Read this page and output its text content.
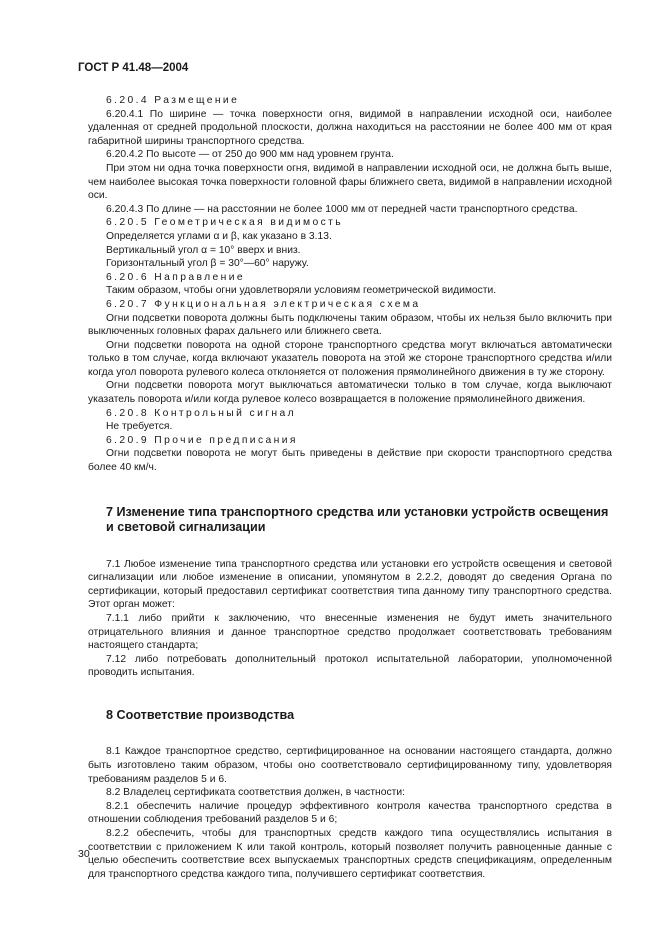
ГОСТ Р 41.48—2004

6.20.4 Размещение

6.20.4.1 По ширине — точка поверхности огня, видимой в направлении исходной оси, наиболее удаленная от средней продольной плоскости, должна находиться на расстоянии не более 400 мм от края габаритной ширины транспортного средства.

6.20.4.2 По высоте — от 250 до 900 мм над уровнем грунта.

При этом ни одна точка поверхности огня, видимой в направлении исходной оси, не должна быть выше, чем наиболее высокая точка поверхности головной фары ближнего света, видимой в направлении исходной оси.

6.20.4.3 По длине — на расстоянии не более 1000 мм от передней части транспортного средства.

6.20.5 Геометрическая видимость

Определяется углами α и β, как указано в 3.13.

Вертикальный угол α = 10° вверх и вниз.

Горизонтальный угол β = 30°—60° наружу.

6.20.6 Направление

Таким образом, чтобы огни удовлетворяли условиям геометрической видимости.

6.20.7 Функциональная электрическая схема

Огни подсветки поворота должны быть подключены таким образом, чтобы их нельзя было включить при выключенных головных фарах дальнего или ближнего света.

Огни подсветки поворота на одной стороне транспортного средства могут включаться автоматически только в том случае, когда включают указатель поворота на этой же стороне транспортного средства и/или когда угол поворота рулевого колеса отклоняется от положения прямолинейного движения в ту же сторону.

Огни подсветки поворота могут выключаться автоматически только в том случае, когда выключают указатель поворота и/или когда рулевое колесо возвращается в положение прямолинейного движения.

6.20.8 Контрольный сигнал

Не требуется.

6.20.9 Прочие предписания

Огни подсветки поворота не могут быть приведены в действие при скорости транспортного средства более 40 км/ч.

7 Изменение типа транспортного средства или установки устройств освещения и световой сигнализации

7.1 Любое изменение типа транспортного средства или установки его устройств освещения и световой сигнализации или любое изменение в описании, упомянутом в 2.2.2, доводят до сведения Органа по сертификации, который предоставил сертификат соответствия типа данному типу транспортного средства. Этот орган может:

7.1.1 либо прийти к заключению, что внесенные изменения не будут иметь значительного отрицательного влияния и данное транспортное средство продолжает соответствовать требованиям настоящего стандарта;

7.12 либо потребовать дополнительный протокол испытательной лаборатории, уполномоченной проводить испытания.

8 Соответствие производства

8.1 Каждое транспортное средство, сертифицированное на основании настоящего стандарта, должно быть изготовлено таким образом, чтобы оно соответствовало сертифицированному типу, удовлетворяя требованиям разделов 5 и 6.

8.2 Владелец сертификата соответствия должен, в частности:

8.2.1 обеспечить наличие процедур эффективного контроля качества транспортного средства в отношении соблюдения требований разделов 5 и 6;

8.2.2 обеспечить, чтобы для транспортных средств каждого типа осуществлялись испытания в соответствии с приложением К или такой контроль, который позволяет получить равноценные данные с целью обеспечить соответствие всех выпускаемых транспортных средств спецификациям, определенным для транспортного средства каждого типа, получившего сертификат соответствия.

30
